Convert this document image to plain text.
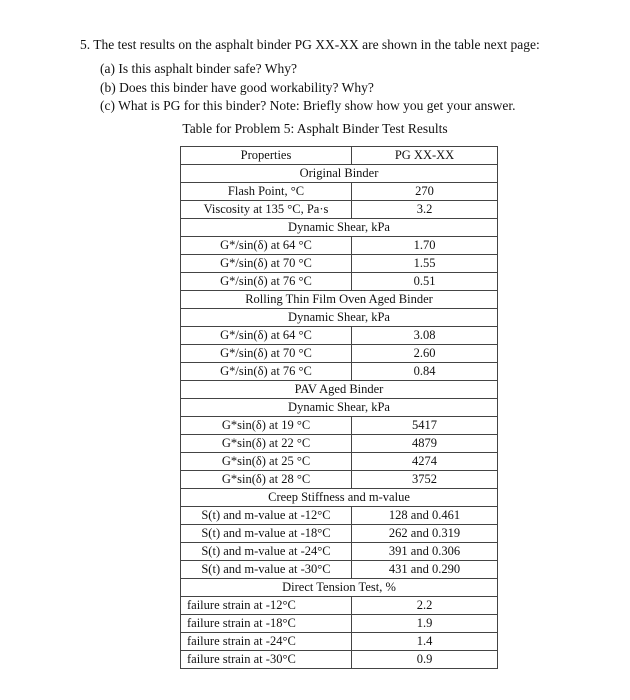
5. The test results on the asphalt binder PG XX-XX are shown in the table next page:
(a) Is this asphalt binder safe? Why?
(b) Does this binder have good workability? Why?
(c) What is PG for this binder? Note: Briefly show how you get your answer.
Table for Problem 5: Asphalt Binder Test Results
Properties	PG XX-XX
Original Binder	
Flash Point, °C	270
Viscosity at 135 °C, Pa·s	3.2
Dynamic Shear, kPa	
G*/sin(δ) at 64 °C	1.70
G*/sin(δ) at 70 °C	1.55
G*/sin(δ) at 76 °C	0.51
Rolling Thin Film Oven Aged Binder	
Dynamic Shear, kPa	
G*/sin(δ) at 64 °C	3.08
G*/sin(δ) at 70 °C	2.60
G*/sin(δ) at 76 °C	0.84
PAV Aged Binder	
Dynamic Shear, kPa	
G*sin(δ) at 19 °C	5417
G*sin(δ) at 22 °C	4879
G*sin(δ) at 25 °C	4274
G*sin(δ) at 28 °C	3752
Creep Stiffness and m-value	
S(t) and m-value at -12°C	128 and 0.461
S(t) and m-value at -18°C	262 and 0.319
S(t) and m-value at -24°C	391 and 0.306
S(t) and m-value at -30°C	431 and 0.290
Direct Tension Test, %	
failure strain at -12°C	2.2
failure strain at -18°C	1.9
failure strain at -24°C	1.4
failure strain at -30°C	0.9
